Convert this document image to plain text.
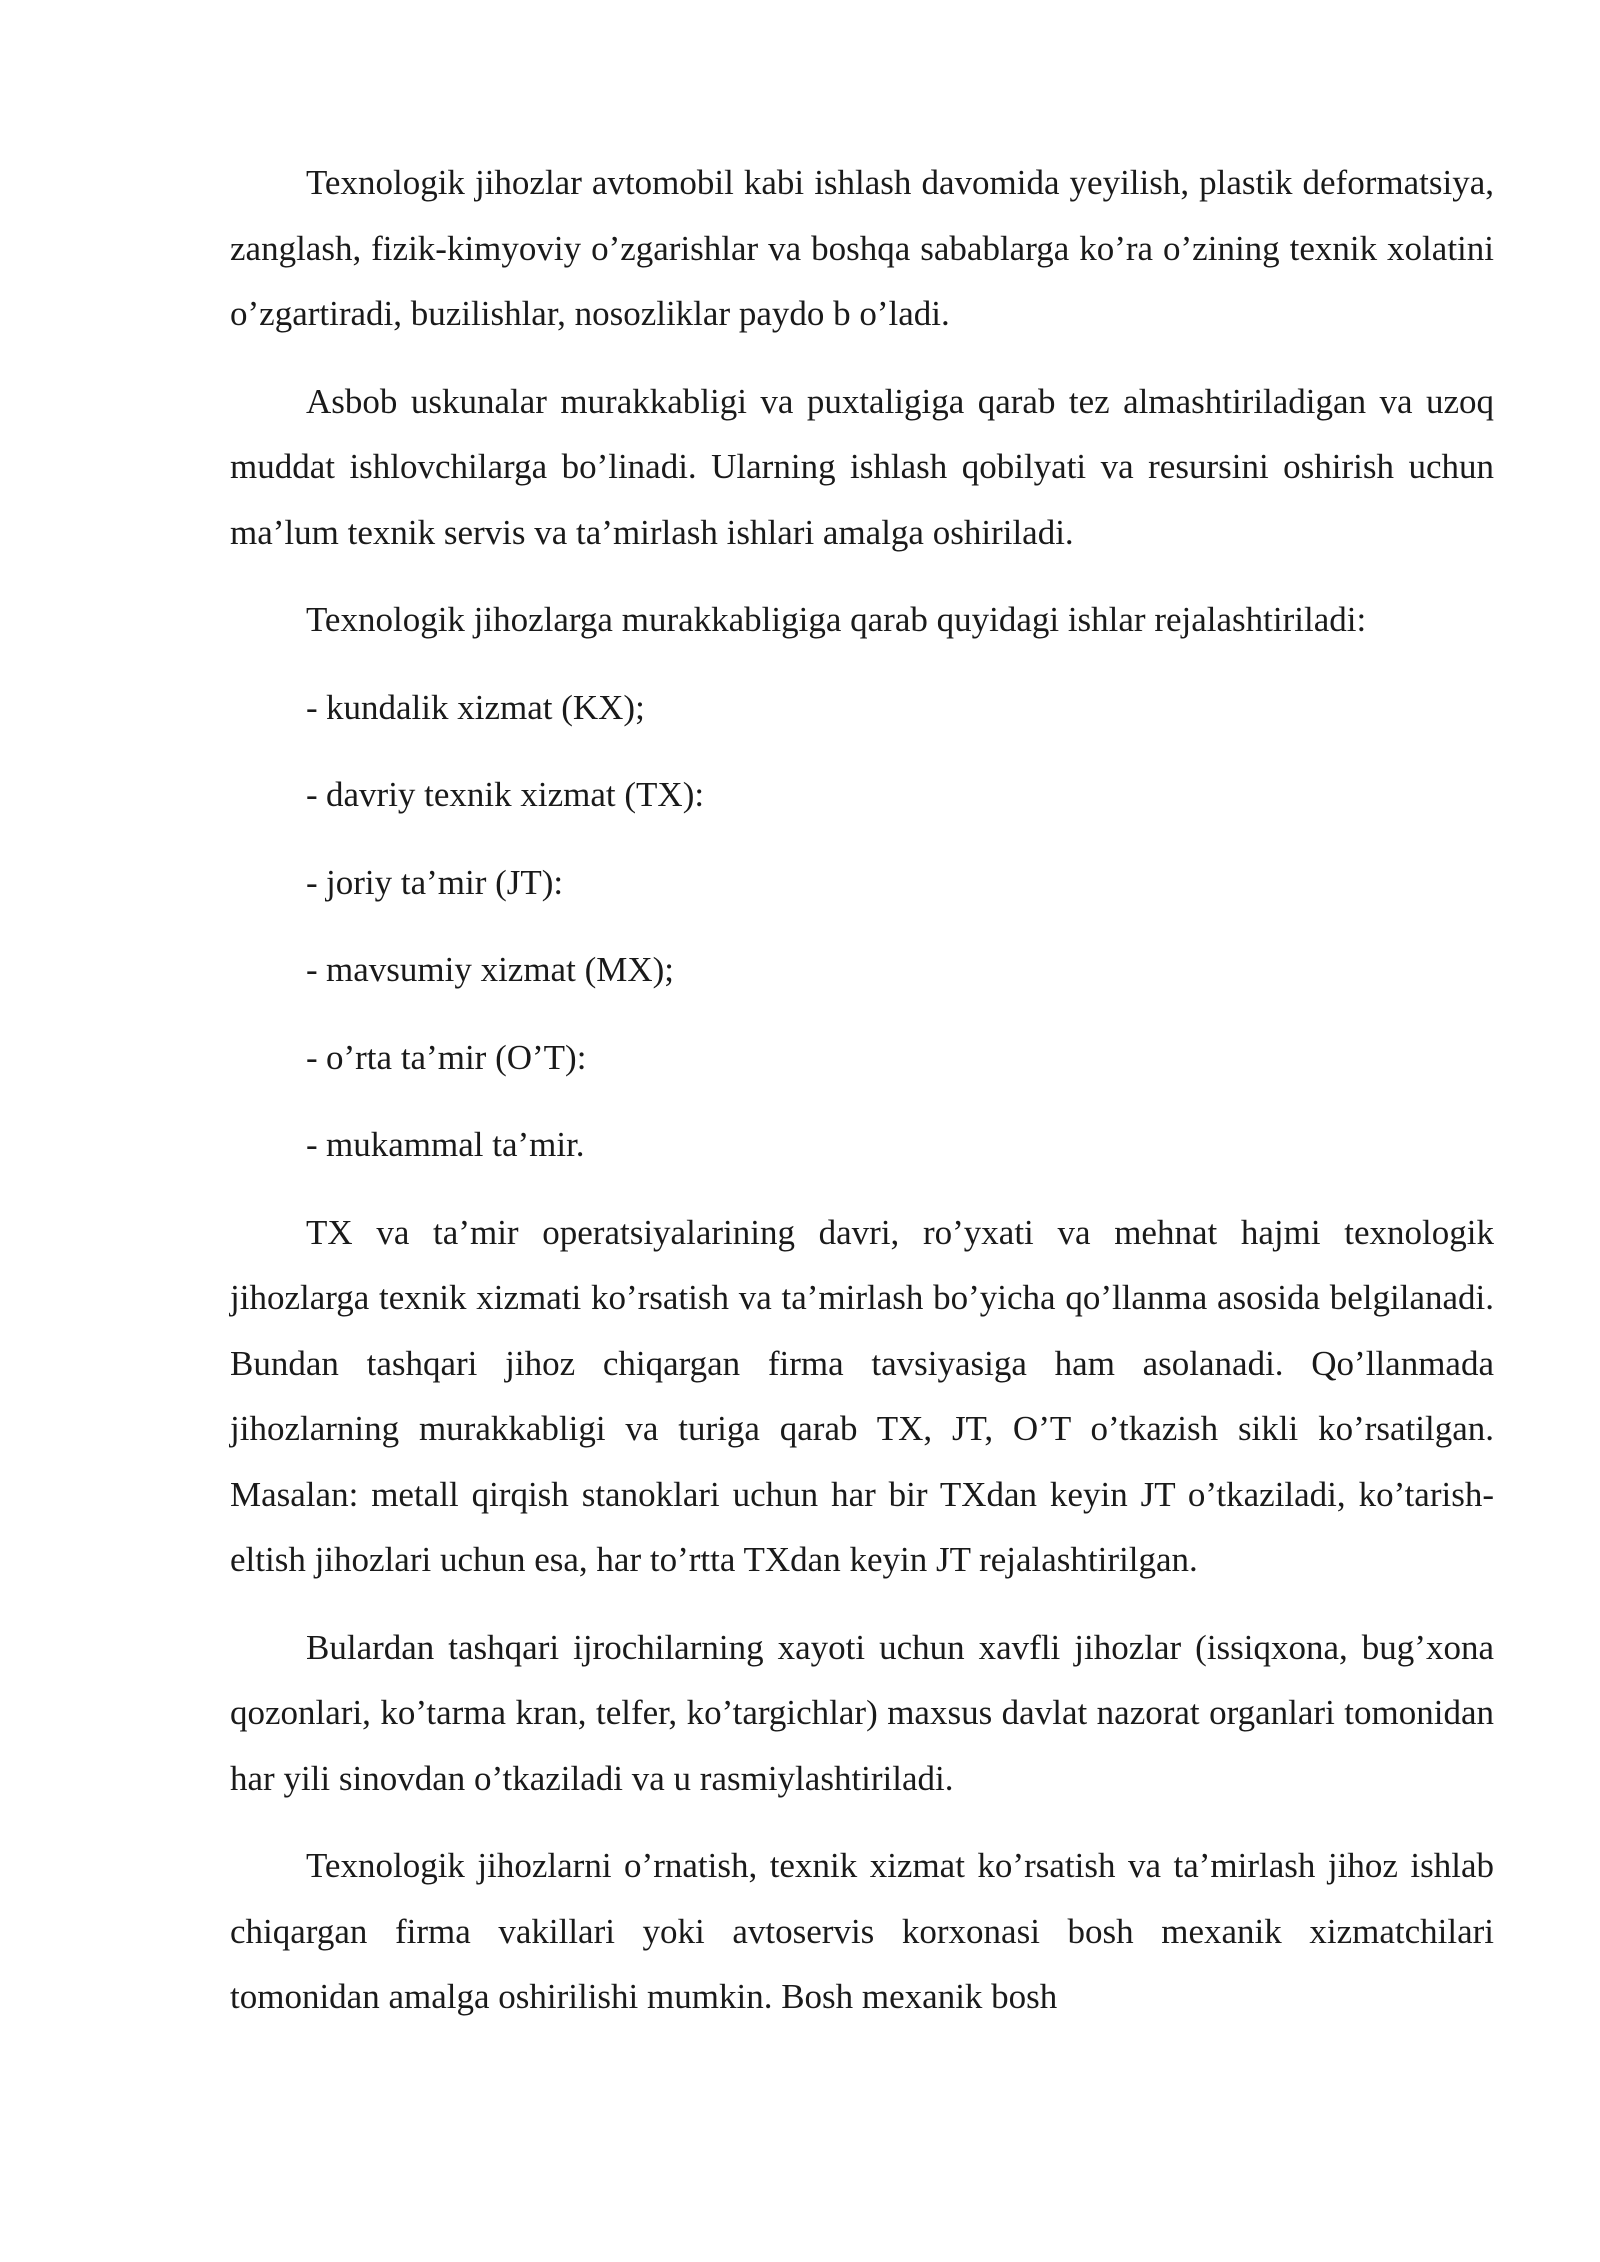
Texnologik jihozlar avtomobil kabi ishlash davomida yeyilish, plastik deformatsiya, zanglash, fizik-kimyoviy o’zgarishlar va boshqa sabablarga ko’ra o’zining texnik xolatini o’zgartiradi, buzilishlar, nosozliklar paydo b o’ladi.

Asbob uskunalar murakkabligi va puxtaligiga qarab tez almashtiriladigan va uzoq muddat ishlovchilarga bo’linadi. Ularning ishlash qobilyati va resursini oshirish uchun ma’lum texnik servis va ta’mirlash ishlari amalga oshiriladi.

Texnologik jihozlarga murakkabligiga qarab quyidagi ishlar rejalashtiriladi:

- kundalik xizmat (KX);
- davriy texnik xizmat (TX):
- joriy ta’mir (JT):
- mavsumiy xizmat (MX);
- o’rta ta’mir (O’T):
- mukammal ta’mir.

TX va ta’mir operatsiyalarining davri, ro’yxati va mehnat hajmi texnologik jihozlarga texnik xizmati ko’rsatish va ta’mirlash bo’yicha qo’llanma asosida belgilanadi. Bundan tashqari jihoz chiqargan firma tavsiyasiga ham asolanadi. Qo’llanmada jihozlarning murakkabligi va turiga qarab TX, JT, O’T o’tkazish sikli ko’rsatilgan. Masalan: metall qirqish stanoklari uchun har bir TXdan keyin JT o’tkaziladi, ko’tarish-eltish jihozlari uchun esa, har to’rtta TXdan keyin JT rejalashtirilgan.

Bulardan tashqari ijrochilarning xayoti uchun xavfli jihozlar (issiqxona, bug’xona qozonlari, ko’tarma kran, telfer, ko’targichlar) maxsus davlat nazorat organlari tomonidan har yili sinovdan o’tkaziladi va u rasmiylashtiriladi.

Texnologik jihozlarni o’rnatish, texnik xizmat ko’rsatish va ta’mirlash jihoz ishlab chiqargan firma vakillari yoki avtoservis korxonasi bosh mexanik xizmatchilari tomonidan amalga oshirilishi mumkin. Bosh mexanik bosh
